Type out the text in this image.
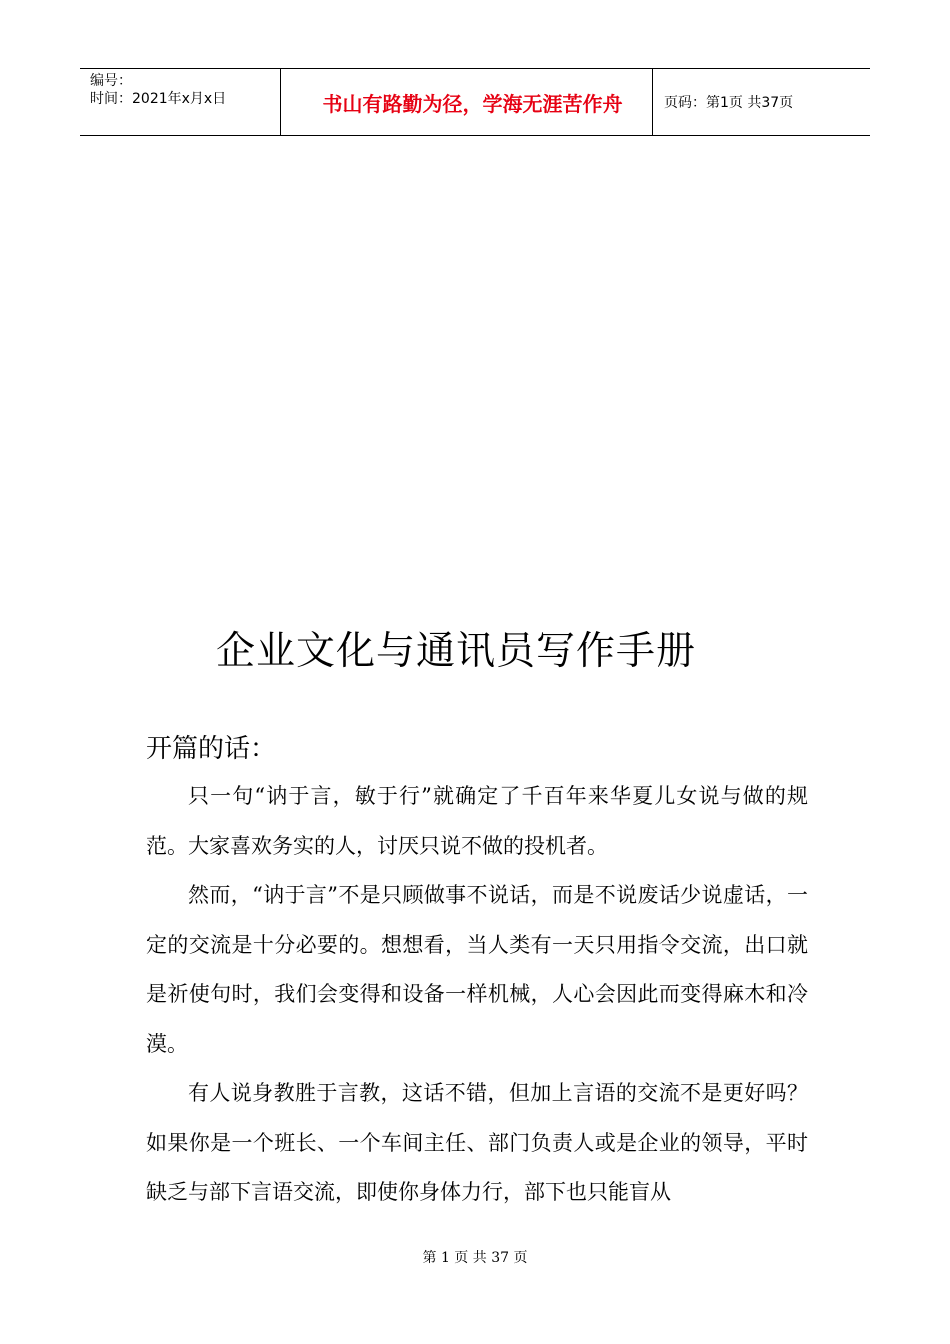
编号：
时间：2021年x月x日	书山有路勤为径，学海无涯苦作舟	页码：第1页 共37页
企业文化与通讯员写作手册
开篇的话：

只一句“讷于言，敏于行”就确定了千百年来华夏儿女说与做的规范。大家喜欢务实的人，讨厌只说不做的投机者。

然而，“讷于言”不是只顾做事不说话，而是不说废话少说虚话，一定的交流是十分必要的。想想看，当人类有一天只用指令交流，出口就是祈使句时，我们会变得和设备一样机械，人心会因此而变得麻木和冷漠。

有人说身教胜于言教，这话不错，但加上言语的交流不是更好吗？如果你是一个班长、一个车间主任、部门负责人或是企业的领导，平时缺乏与部下言语交流，即使你身体力行，部下也只能盲从

第 1 页 共 37 页
